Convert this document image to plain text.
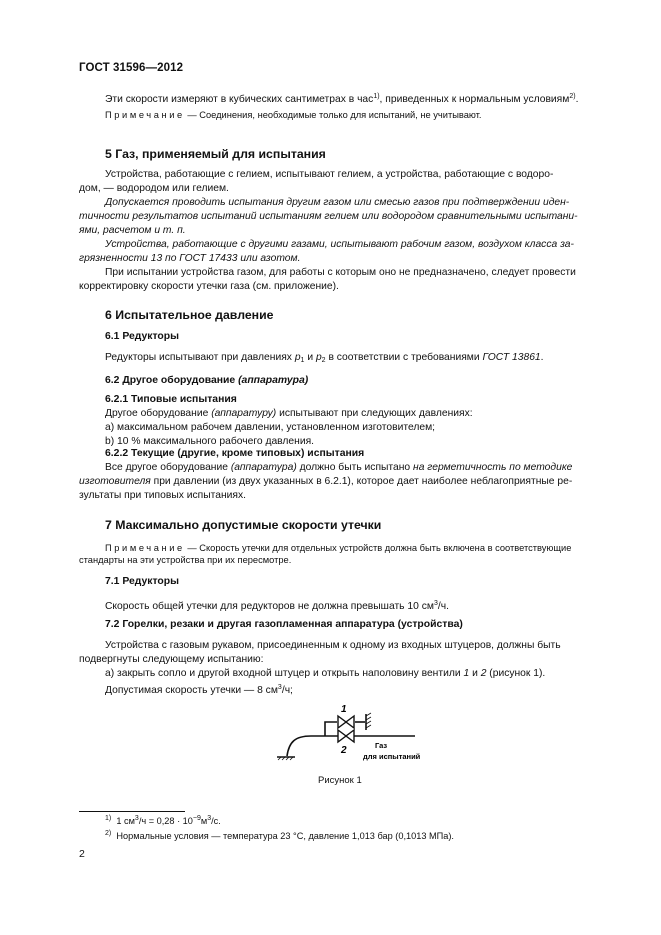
ГОСТ 31596—2012
Эти скорости измеряют в кубических сантиметрах в час$^{1)}$, приведенных к нормальным условиям$^{2)}$.
Примечание — Соединения, необходимые только для испытаний, не учитывают.
5 Газ, применяемый для испытания
Устройства, работающие с гелием, испытывают гелием, а устройства, работающие с водоро-
дом, — водородом или гелием.
Допускается проводить испытания другим газом или смесью газов при подтверждении иден-
тичности результатов испытаний испытаниям гелием или водородом сравнительными испытани-
ями, расчетом и т. п.
Устройства, работающие с другими газами, испытывают рабочим газом, воздухом класса за-
грязненности 13 по ГОСТ 17433 или азотом.
При испытании устройства газом, для работы с которым оно не предназначено, следует провести
корректировку скорости утечки газа (см. приложение).
6 Испытательное давление
6.1 Редукторы
Редукторы испытывают при давлениях $p_1$ и $p_2$ в соответствии с требованиями ГОСТ 13861.
6.2 Другое оборудование (аппаратура)
6.2.1 Типовые испытания
Другое оборудование (аппаратуру) испытывают при следующих давлениях:
а) максимальном рабочем давлении, установленном изготовителем;
b) 10 % максимального рабочего давления.
6.2.2 Текущие (другие, кроме типовых) испытания
Все другое оборудование (аппаратура) должно быть испытано на герметичность по методике
изготовителя при давлении (из двух указанных в 6.2.1), которое дает наиболее неблагоприятные ре-
зультаты при типовых испытаниях.
7 Максимально допустимые скорости утечки
Примечание — Скорость утечки для отдельных устройств должна быть включена в соответствующие
стандарты на эти устройства при их пересмотре.
7.1 Редукторы
Скорость общей утечки для редукторов не должна превышать 10 $см^3/ч$.
7.2 Горелки, резаки и другая газопламенная аппаратура (устройства)
Устройства с газовым рукавом, присоединенным к одному из входных штуцеров, должны быть
подвергнуты следующему испытанию:
а) закрыть сопло и другой входной штуцер и открыть наполовину вентили 1 и 2 (рисунок 1).
Допустимая скорость утечки — 8 $см^3/ч$;
1
2	Газ
для испытаний
Рисунок 1
$^{1)}$ 1 $см^3/ч = 0,28 \cdot 10^{-9}м^3/с$.
$^{2)}$ Нормальные условия — температура 23 °C, давление 1,013 бар (0,1013 МПа).
2
